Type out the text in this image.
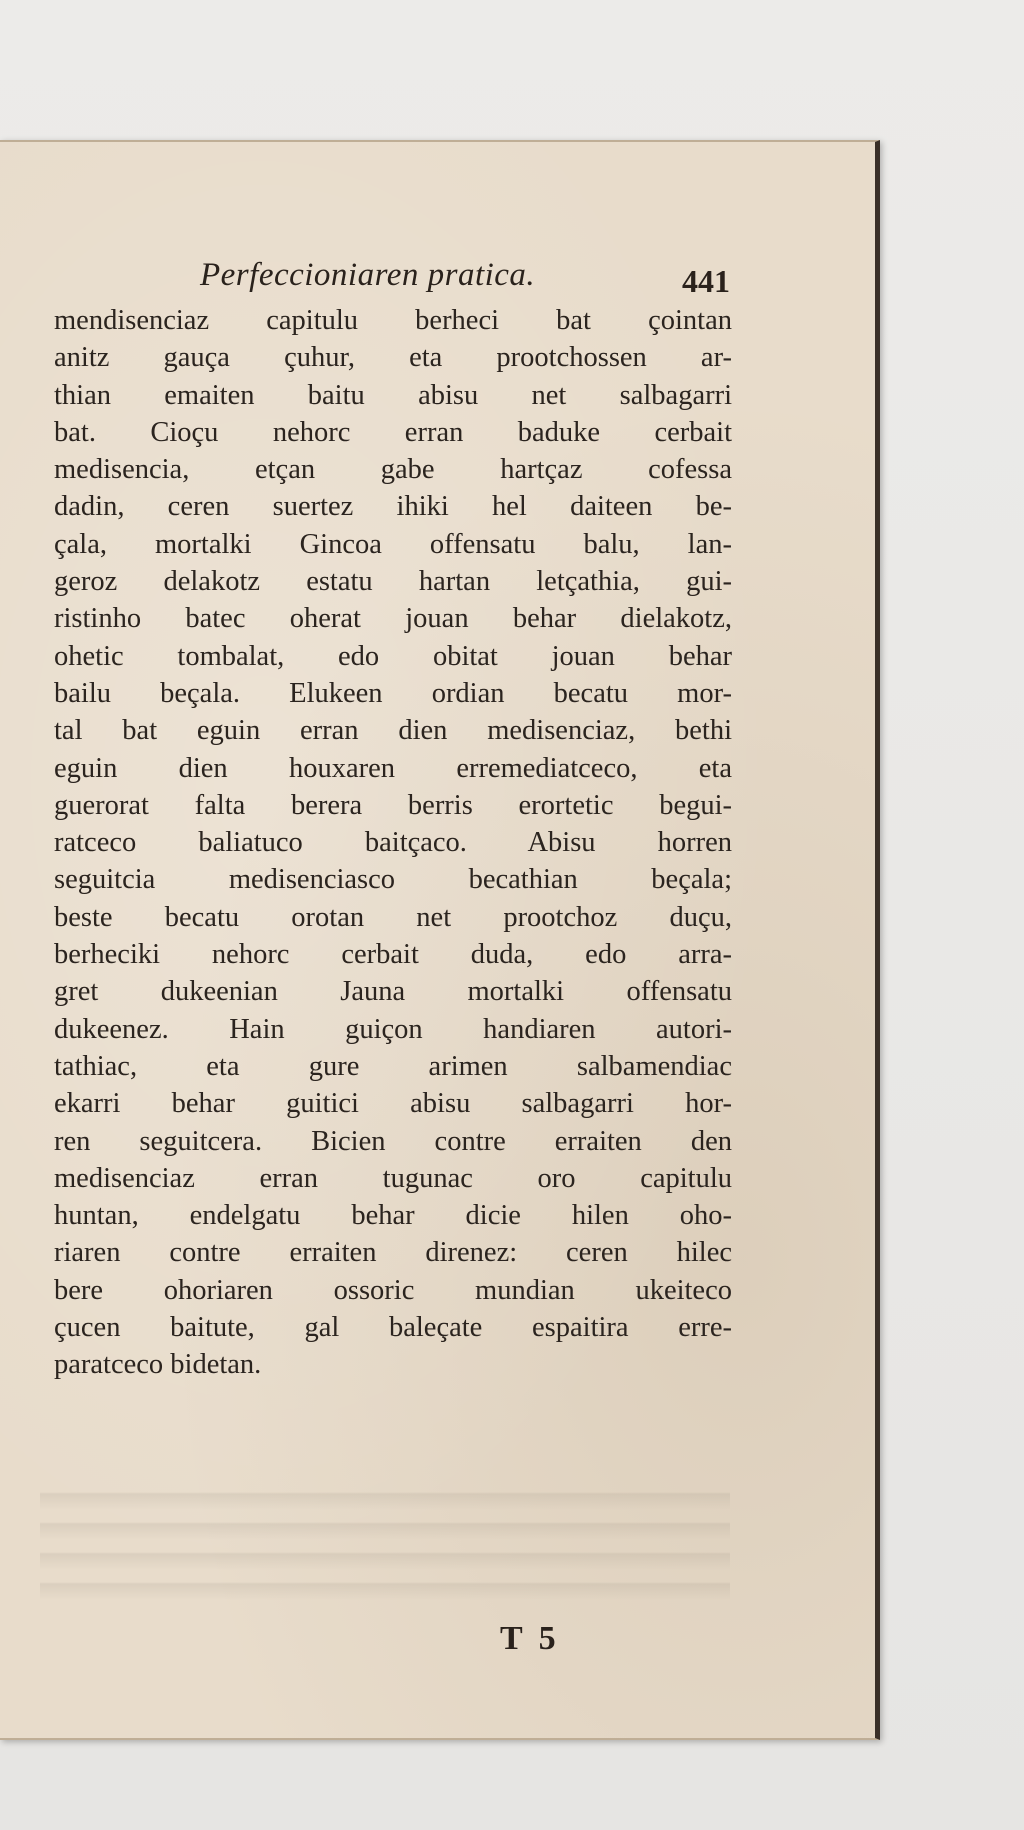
Perfeccioniaren pratica.	441
mendisenciaz capitulu berheci bat çointan
anitz gauça çuhur, eta prootchossen ar-
thian emaiten baitu abisu net salbagarri
bat. Cioçu nehorc erran baduke cerbait
medisencia, etçan gabe hartçaz cofessa
dadin, ceren suertez ihiki hel daiteen be-
çala, mortalki Gincoa offensatu balu, lan-
geroz delakotz estatu hartan letçathia, gui-
ristinho batec oherat jouan behar dielakotz,
ohetic tombalat, edo obitat jouan behar
bailu beçala. Elukeen ordian becatu mor-
tal bat eguin erran dien medisenciaz, bethi
eguin dien houxaren erremediatceco, eta
guerorat falta berera berris erortetic begui-
ratceco baliatuco baitçaco. Abisu horren
seguitcia medisenciasco becathian beçala;
beste becatu orotan net prootchoz duçu,
berheciki nehorc cerbait duda, edo arra-
gret dukeenian Jauna mortalki offensatu
dukeenez. Hain guiçon handiaren autori-
tathiac, eta gure arimen salbamendiac
ekarri behar guitici abisu salbagarri hor-
ren seguitcera. Bicien contre erraiten den
medisenciaz erran tugunac oro capitulu
huntan, endelgatu behar dicie hilen oho-
riaren contre erraiten direnez: ceren hilec
bere ohoriaren ossoric mundian ukeiteco
çucen baitute, gal baleçate espaitira erre-
paratceco bidetan.
T 5
